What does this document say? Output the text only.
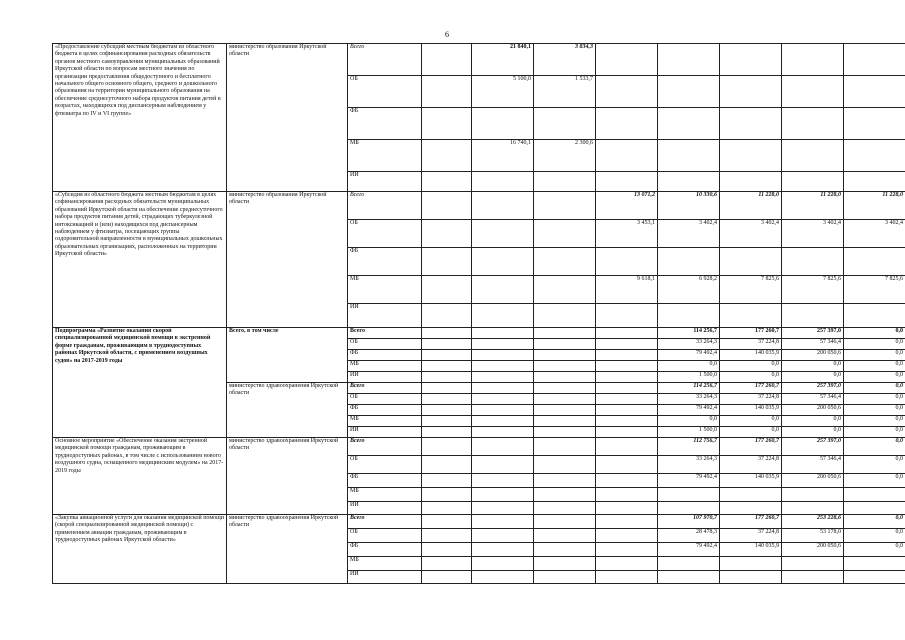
6
«Предоставление субсидий местным бюджетам из областного бюджета в целях софинансирования расходных обязательств органов местного самоуправления муниципальных образований Иркутской области по вопросам местного значения по организации предоставления общедоступного и бесплатного начального общего основного общего, среднего и дошкольного образования на территории муниципального образования на обеспечение среднесуточного набора продуктов питания детей в возрастах, находящихся под диспансерным наблюдением у фтизиатра по IV и VI группе»	министерство образования Иркутской области	Всего		21 840,1	3 834,3					
		ОБ		5 100,0	1 533,7					
		ФБ								
		МБ		16 740,1	2 300,6					
		ИИ								
«Субсидия из областного бюджета местным бюджетам в целях софинансирования расходных обязательств муниципальных образований Иркутской области на обеспечение среднесуточного набора продуктов питания детей, страдающих туберкулезной интоксикацией и (или) находящихся под диспансерным наблюдением у фтизиатра, посещающих группы оздоровительной направленности в муниципальных дошкольных образовательных организациях, расположенных на территории Иркутской области»	министерство образования Иркутской области	Всего				13 071,2	10 330,6	11 228,0	11 228,0	11 228,0
		ОБ				3 453,1	3 402,4	3 402,4	3 402,4	3 402,4
		ФБ								
		МБ				9 618,1	6 928,2	7 825,6	7 825,6	7 825,6
		ИИ								
Подпрограмма «Развитие оказания скорой специализированной медицинской помощи в экстренной форме гражданам, проживающим в труднодоступных районах Иркутской области, с применением воздушных судов» на 2017-2019 годы	Всего, в том числе	Всего					114 256,7	177 260,7	257 397,0	0,0
		ОБ					33 264,3	37 224,8	57 346,4	0,0
		ФБ					79 492,4	140 035,9	200 050,6	0,0
		МБ					0,0	0,0	0,0	0,0
		ИИ					1 500,0	0,0	0,0	0,0
	министерство здравоохранения Иркутской области	Всего					114 256,7	177 260,7	257 397,0	0,0
		ОБ					33 264,3	37 224,8	57 346,4	0,0
		ФБ					79 492,4	140 035,9	200 050,6	0,0
		МБ					0,0	0,0	0,0	0,0
		ИИ					1 500,0	0,0	0,0	0,0
Основное мероприятие «Обеспечение оказания экстренной медицинской помощи гражданам, проживающим в труднодоступных районах, в том числе с использованием нового воздушного судна, оснащенного медицинским модулем» на 2017-2019 годы	министерство здравоохранения Иркутской области	Всего					112 756,7	177 260,7	257 397,0	0,0
		ОБ					33 264,3	37 224,8	57 346,4	0,0
		ФБ					79 492,4	140 035,9	200 050,6	0,0
		МБ								
		ИИ								
«Закупка авиационной услуги для оказания медицинской помощи (скорой специализированной медицинской помощи) с применением авиации гражданам, проживающим в труднодоступных районах Иркутской области»	министерство здравоохранения Иркутской области	Всего					107 970,7	177 260,7	253 228,6	0,0
		ОБ					28 478,3	37 224,8	53 178,0	0,0
		ФБ					79 492,4	140 035,9	200 050,6	0,0
		МБ								
		ИИ								
